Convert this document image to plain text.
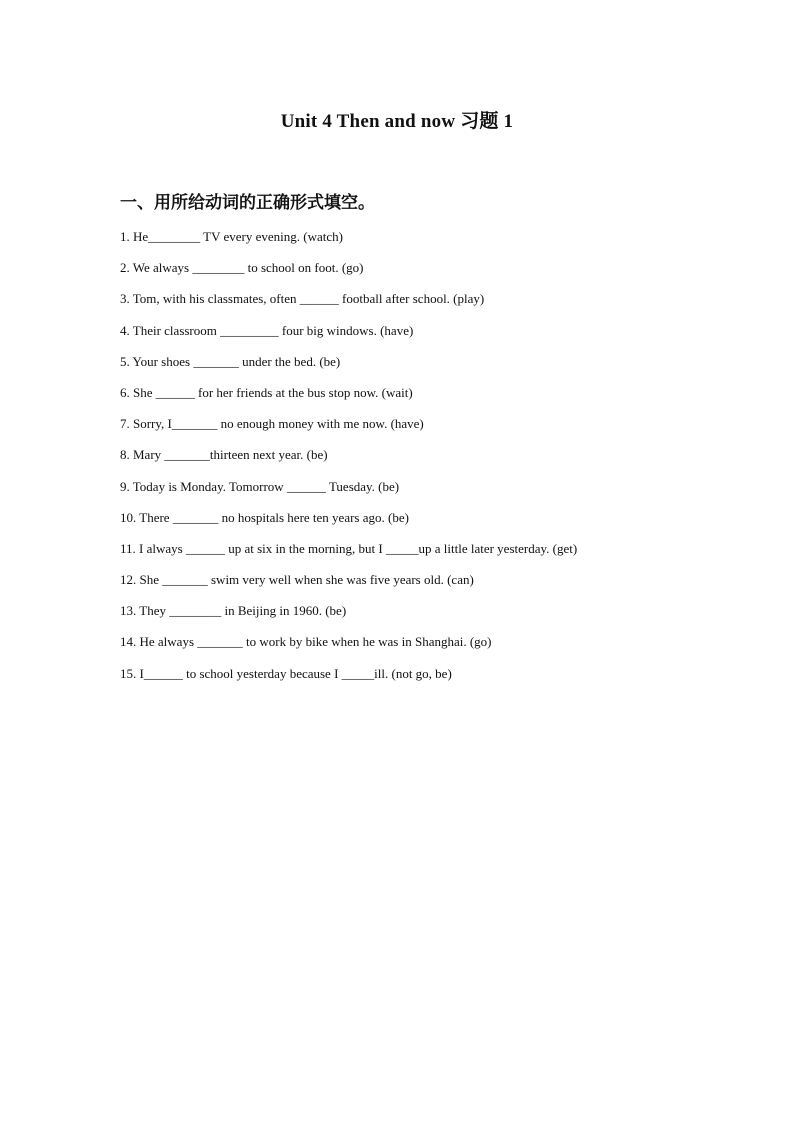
Unit 4 Then and now 习题 1
一、用所给动词的正确形式填空。
1. He________ TV every evening. (watch)
2. We always ________ to school on foot. (go)
3. Tom, with his classmates, often ______ football after school. (play)
4. Their classroom _________ four big windows. (have)
5. Your shoes _______ under the bed. (be)
6. She ______ for her friends at the bus stop now. (wait)
7. Sorry, I_______ no enough money with me now. (have)
8. Mary _______thirteen next year. (be)
9. Today is Monday. Tomorrow ______ Tuesday. (be)
10. There _______ no hospitals here ten years ago. (be)
11. I always ______ up at six in the morning, but I _____up a little later yesterday. (get)
12. She _______ swim very well when she was five years old. (can)
13. They ________ in Beijing in 1960. (be)
14. He always _______ to work by bike when he was in Shanghai. (go)
15. I______ to school yesterday because I _____ill. (not go, be)
